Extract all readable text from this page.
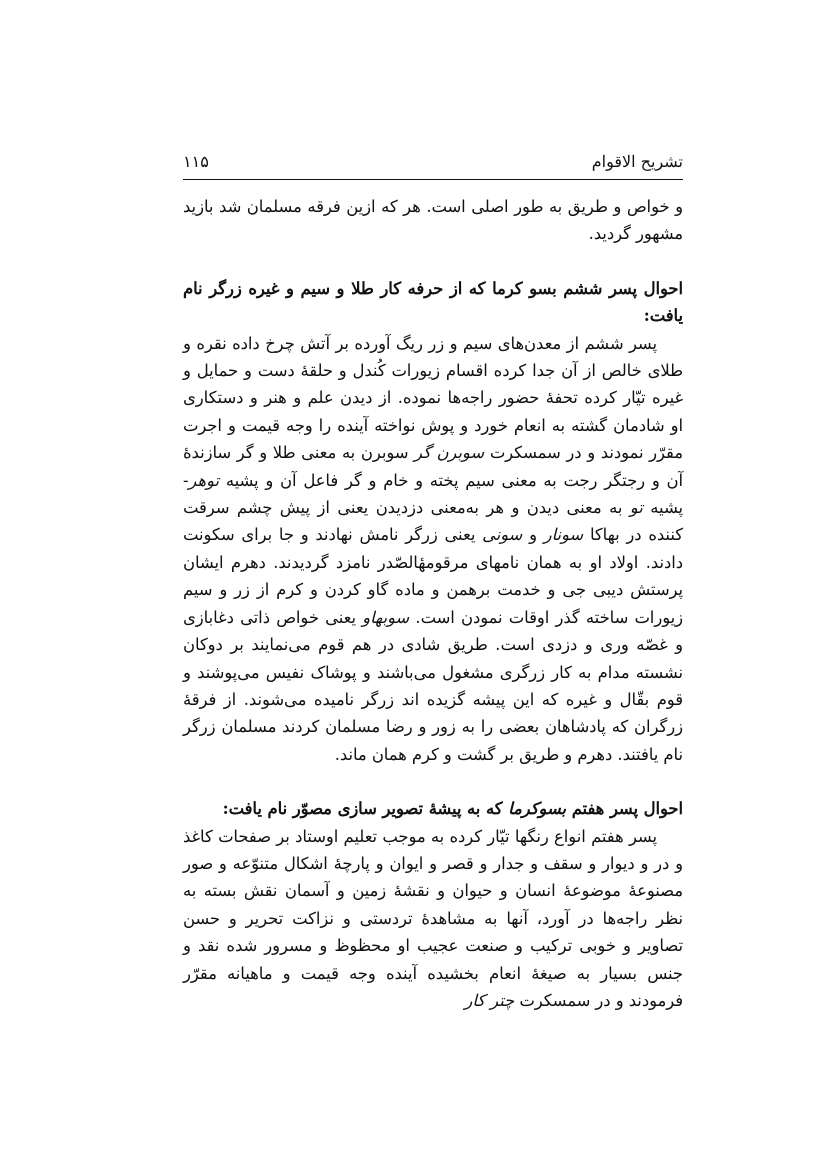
تشریح الاقوام
۱۱۵

و خواص و طریق به طور اصلی است. هر که ازین فرقه مسلمان شد بازید مشهور گردید.

احوال پسر ششم بسو کرما که از حرفه کار طلا و سیم و غیره زرگر نام یافت:

پسر ششم از معدن‌های سیم و زر ریگ آورده بر آتش چرخ داده نقره و طلای خالص از آن جدا کرده اقسام زیورات کُندل و حلقهٔ دست و حمایل و غیره تیّار کرده تحفهٔ حضور راجه‌ها نموده. از دیدن علم و هنر و دستکاری او شادمان گشته به انعام خورد و پوش نواخته آینده را وجه قیمت و اجرت مقرّر نمودند و در سمسکرت سوبرن گر سوبرن به معنی طلا و گر سازندهٔ آن و رجتگر رجت به معنی سیم پخته و خام و گر فاعل آن و پشیه توهر- پشیه تو به معنی دیدن و هر به‌معنی دزدیدن یعنی از پیش چشم سرقت کننده در بهاکا سونار و سونی یعنی زرگر نامش نهادند و جا برای سکونت دادند. اولاد او به همان نامهای مرقومهٔالصّدر نامزد گردیدند. دهرم ایشان پرستش دیبی جی و خدمت برهمن و ماده گاو کردن و کرم از زر و سیم زیورات ساخته گذر اوقات نمودن است. سوبهاو یعنی خواص ذاتی دغابازی و غصّه وری و دزدی است. طریق شادی در هم قوم می‌نمایند بر دوکان نشسته مدام به کار زرگری مشغول می‌باشند و پوشاک نفیس می‌پوشند و قوم بقّال و غیره که این پیشه گزیده اند زرگر نامیده می‌شوند. از فرقهٔ زرگران که پادشاهان بعضی را به زور و رضا مسلمان کردند مسلمان زرگر نام یافتند. دهرم و طریق بر گشت و کرم همان ماند.

احوال پسر هفتم بسوکرما که به پیشهٔ تصویر سازی مصوّر نام یافت:

پسر هفتم انواع رنگها تیّار کرده به موجب تعلیم اوستاد بر صفحات کاغذ و در و دیوار و سقف و جدار و قصر و ایوان و پارچهٔ اشکال متنوّعه و صور مصنوعهٔ موضوعهٔ انسان و حیوان و نقشهٔ زمین و آسمان نقش بسته به نظر راجه‌ها در آورد، آنها به مشاهدهٔ تردستی و نزاکت تحریر و حسن تصاویر و خوبی ترکیب و صنعت عجیب او محظوظ و مسرور شده نقد و جنس بسیار به صیغهٔ انعام بخشیده آینده وجه قیمت و ماهیانه مقرّر فرمودند و در سمسکرت چتر کار
